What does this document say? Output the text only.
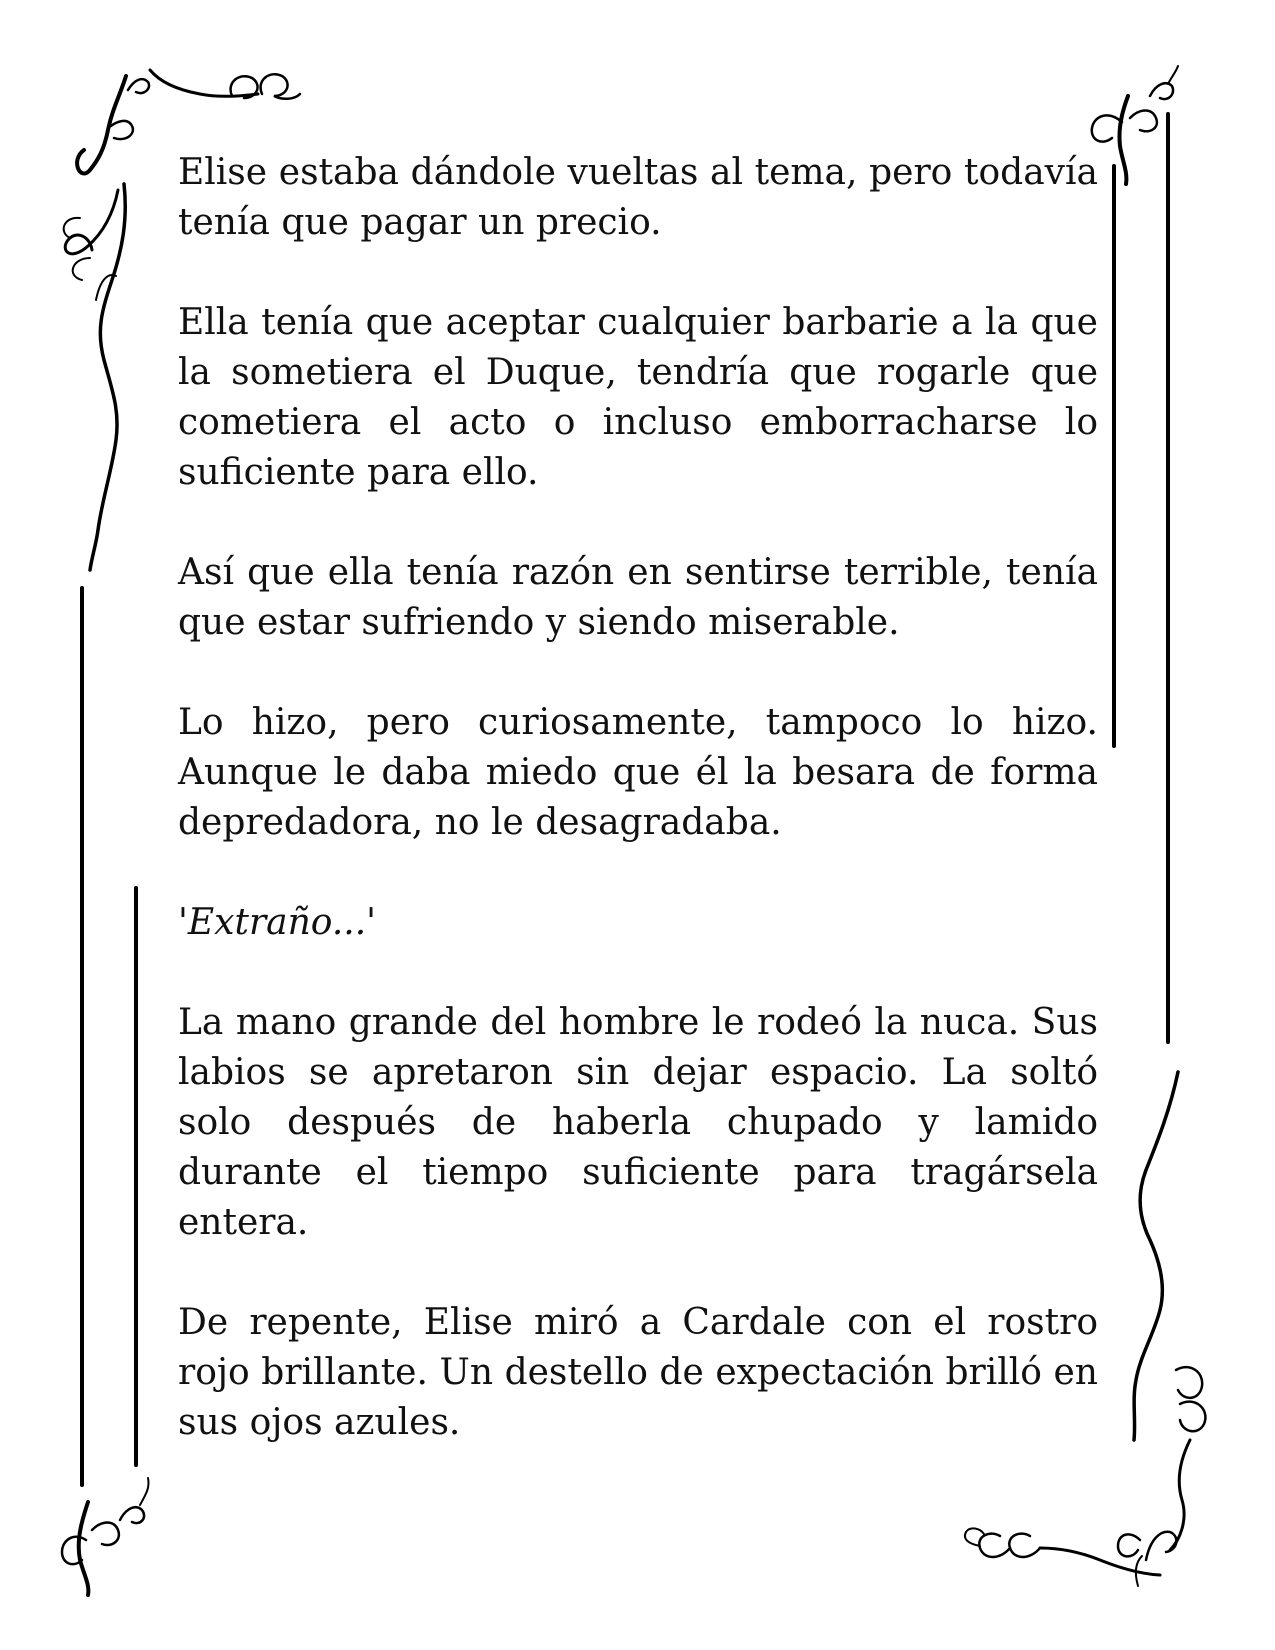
Elise estaba dándole vueltas al tema, pero todavía tenía que pagar un precio.

Ella tenía que aceptar cualquier barbarie a la que la sometiera el Duque, tendría que rogarle que cometiera el acto o incluso emborracharse lo suficiente para ello.

Así que ella tenía razón en sentirse terrible, tenía que estar sufriendo y siendo miserable.

Lo hizo, pero curiosamente, tampoco lo hizo. Aunque le daba miedo que él la besara de forma depredadora, no le desagradaba.

'Extraño...'

La mano grande del hombre le rodeó la nuca. Sus labios se apretaron sin dejar espacio. La soltó solo después de haberla chupado y lamido durante el tiempo suficiente para tragársela entera.

De repente, Elise miró a Cardale con el rostro rojo brillante. Un destello de expectación brilló en sus ojos azules.
